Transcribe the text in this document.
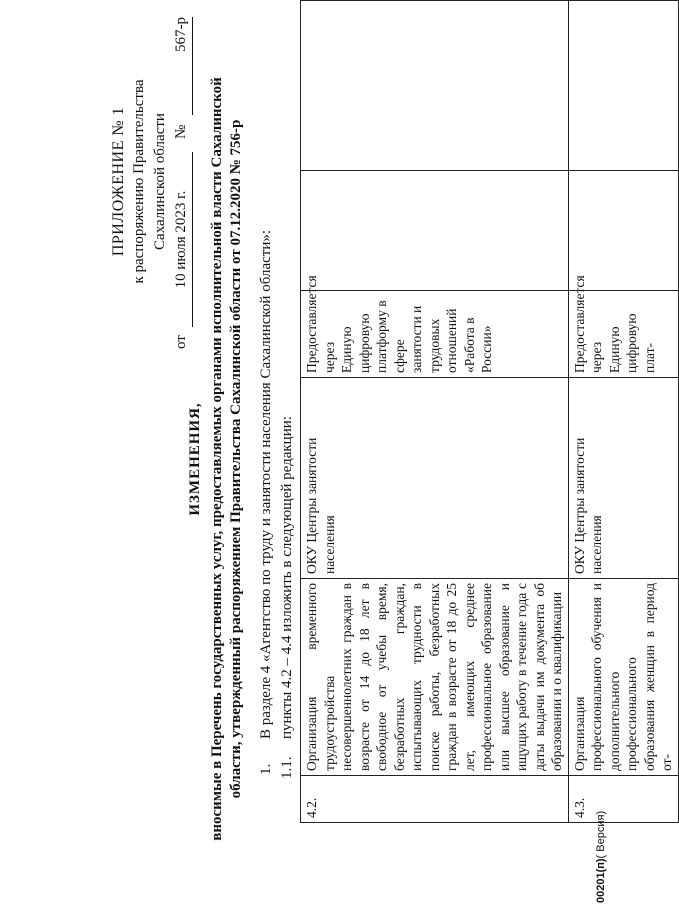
ПРИЛОЖЕНИЕ № 1 к распоряжению Правительства Сахалинской области
от
10 июля 2023 г.
№
567-р
ИЗМЕНЕНИЯ, вносимые в Перечень государственных услуг, предоставляемых органами исполнительной власти Сахалинской области, утвержденный распоряжением Правительства Сахалинской области от 07.12.2020 № 756-р 1.
В разделе 4 «Агентство по труду и занятости населения Сахалинской области»:
1.1.
пункты 4.2 – 4.4 изложить в следующей редакции:
4.2.	Организация временного трудоустройства несовершеннолетних граждан в возрасте от 14 до 18 лет в свободное от учебы время, безработных граждан, испытывающих трудности в поиске работы, безработных граждан в возрасте от 18 до 25 лет, имеющих среднее профессиональное образование или высшее образование и ищущих работу в течение года с даты выдачи им документа об образовании и о квалификации	ОКУ Центры занятости населения	Предоставляется через Единую цифровую платформу в сфере занятости и трудовых отношений «Работа в России»		
4.3.	Организация профессионального обучения и дополнительного профессионального образования женщин в период от-	ОКУ Центры занятости населения	Предоставляется через Единую цифровую плат-		
00201(п)( Версия)
